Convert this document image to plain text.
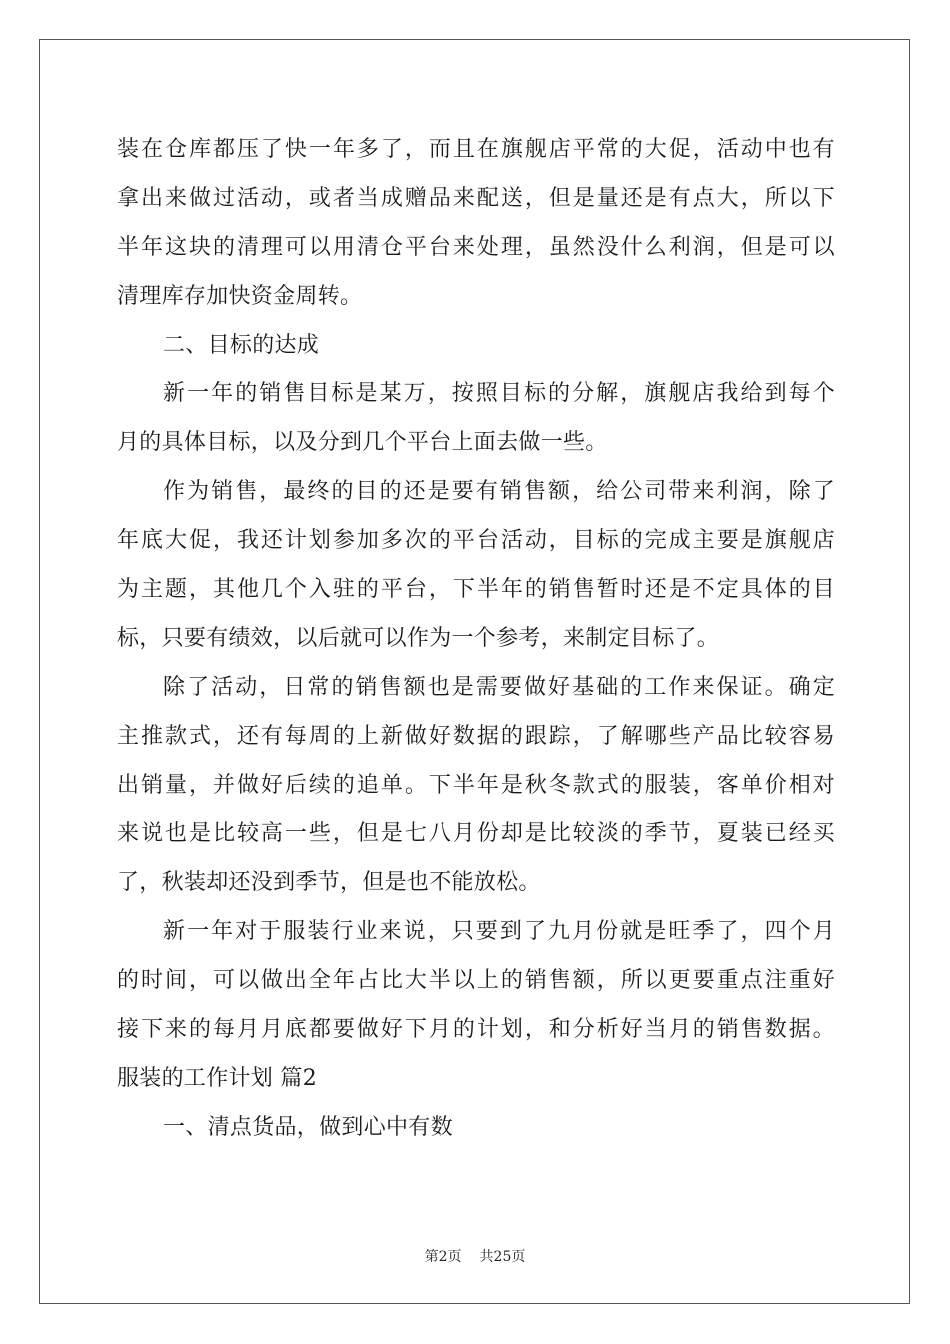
装在仓库都压了快一年多了，而且在旗舰店平常的大促，活动中也有
拿出来做过活动，或者当成赠品来配送，但是量还是有点大，所以下
半年这块的清理可以用清仓平台来处理，虽然没什么利润，但是可以
清理库存加快资金周转。
二、目标的达成
新一年的销售目标是某万，按照目标的分解，旗舰店我给到每个
月的具体目标，以及分到几个平台上面去做一些。
作为销售，最终的目的还是要有销售额，给公司带来利润，除了
年底大促，我还计划参加多次的平台活动，目标的完成主要是旗舰店
为主题，其他几个入驻的平台，下半年的销售暂时还是不定具体的目
标，只要有绩效，以后就可以作为一个参考，来制定目标了。
除了活动，日常的销售额也是需要做好基础的工作来保证。确定
主推款式，还有每周的上新做好数据的跟踪，了解哪些产品比较容易
出销量，并做好后续的追单。下半年是秋冬款式的服装，客单价相对
来说也是比较高一些，但是七八月份却是比较淡的季节，夏装已经买
了，秋装却还没到季节，但是也不能放松。
新一年对于服装行业来说，只要到了九月份就是旺季了，四个月
的时间，可以做出全年占比大半以上的销售额，所以更要重点注重好
接下来的每月月底都要做好下月的计划，和分析好当月的销售数据。
服装的工作计划 篇2
一、清点货品，做到心中有数
第2页 共25页
